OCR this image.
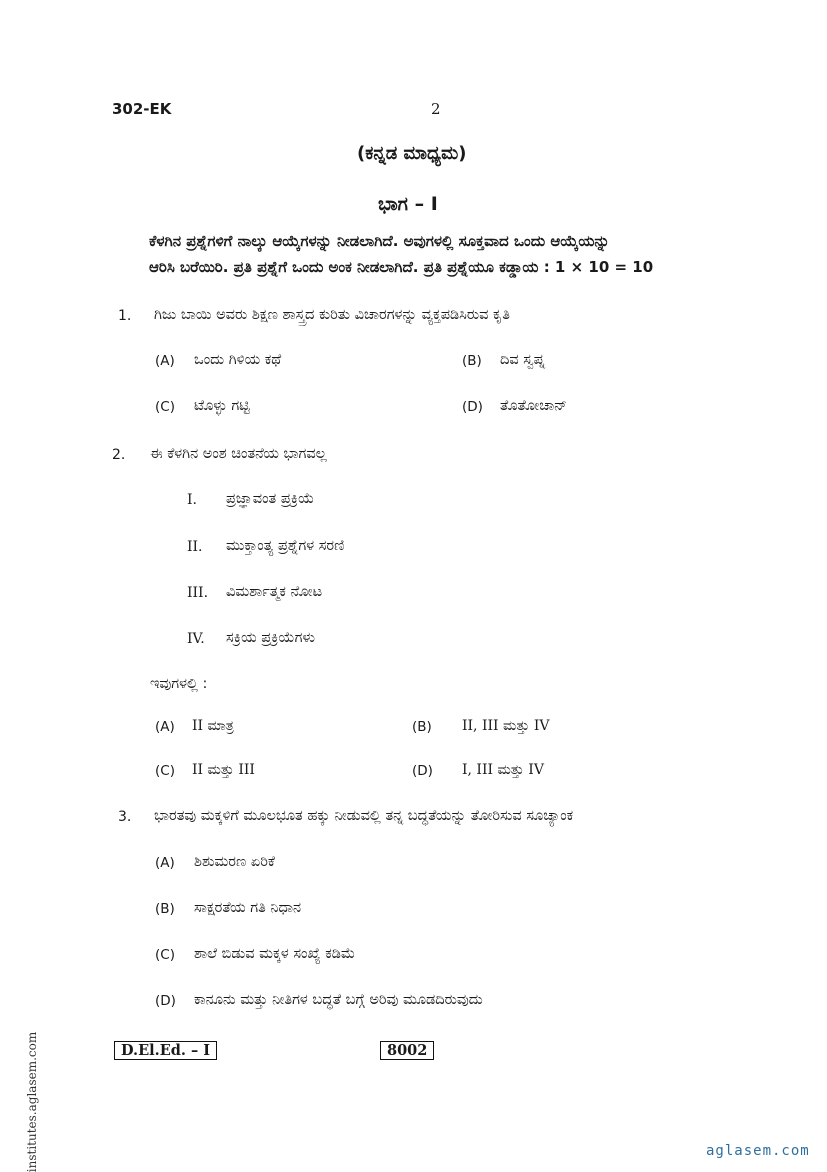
302-EK	2
(ಕನ್ನಡ ಮಾಧ್ಯಮ)
ಭಾಗ – I
ಕೆಳಗಿನ ಪ್ರಶ್ನೆಗಳಿಗೆ ನಾಲ್ಕು ಆಯ್ಕೆಗಳನ್ನು ನೀಡಲಾಗಿದೆ. ಅವುಗಳಲ್ಲಿ ಸೂಕ್ತವಾದ ಒಂದು ಆಯ್ಕೆಯನ್ನು
ಆರಿಸಿ ಬರೆಯಿರಿ. ಪ್ರತಿ ಪ್ರಶ್ನೆಗೆ ಒಂದು ಅಂಕ ನೀಡಲಾಗಿದೆ. ಪ್ರತಿ ಪ್ರಶ್ನೆಯೂ ಕಡ್ಡಾಯ : 1 × 10 = 10
1. ಗಿಜು ಬಾಯಿ ಅವರು ಶಿಕ್ಷಣ ಶಾಸ್ತ್ರದ ಕುರಿತು ವಿಚಾರಗಳನ್ನು ವ್ಯಕ್ತಪಡಿಸಿರುವ ಕೃತಿ
(A) ಒಂದು ಗಿಳಿಯ ಕಥೆ	(B) ದಿವ ಸ್ವಪ್ನ
(C) ಟೊಳ್ಳು ಗಟ್ಟಿ	(D) ತೊತೋಚಾನ್
2. ಈ ಕೆಳಗಿನ ಅಂಶ ಚಿಂತನೆಯ ಭಾಗವಲ್ಲ
I. ಪ್ರಜ್ಞಾವಂತ ಪ್ರಕ್ರಿಯೆ
II. ಮುಕ್ತಾಂತ್ಯ ಪ್ರಶ್ನೆಗಳ ಸರಣಿ
III. ವಿಮರ್ಶಾತ್ಮಕ ನೋಟ
IV. ಸಕ್ರಿಯ ಪ್ರಕ್ರಿಯೆಗಳು
ಇವುಗಳಲ್ಲಿ :
(A) II ಮಾತ್ರ	(B) II, III ಮತ್ತು IV
(C) II ಮತ್ತು III	(D) I, III ಮತ್ತು IV
3. ಭಾರತವು ಮಕ್ಕಳಿಗೆ ಮೂಲಭೂತ ಹಕ್ಕು ನೀಡುವಲ್ಲಿ ತನ್ನ ಬದ್ಧತೆಯನ್ನು ತೋರಿಸುವ ಸೂಚ್ಯಾಂಕ
(A) ಶಿಶುಮರಣ ಏರಿಕೆ
(B) ಸಾಕ್ಷರತೆಯ ಗತಿ ನಿಧಾನ
(C) ಶಾಲೆ ಬಿಡುವ ಮಕ್ಕಳ ಸಂಖ್ಯೆ ಕಡಿಮೆ
(D) ಕಾನೂನು ಮತ್ತು ನೀತಿಗಳ ಬದ್ಧತೆ ಬಗ್ಗೆ ಅರಿವು ಮೂಡದಿರುವುದು
D.El.Ed. – I	8002
institutes.aglasem.com	aglasem.com
